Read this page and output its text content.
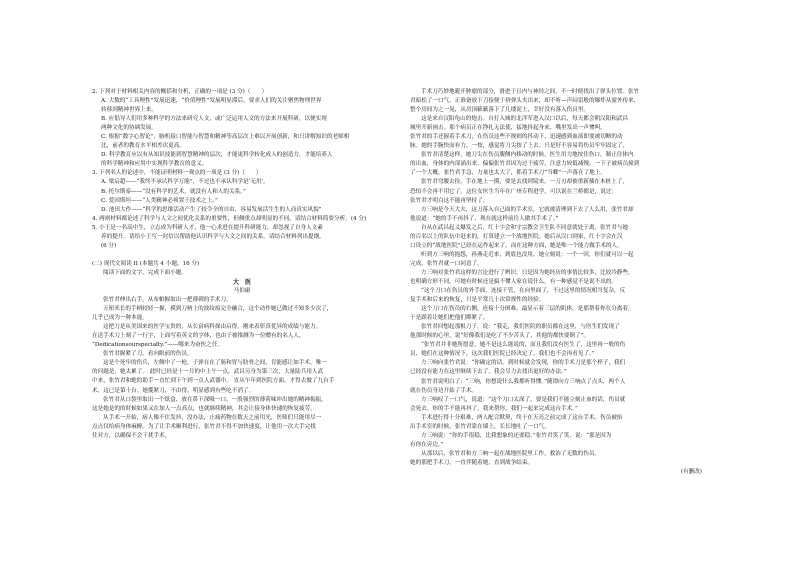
2. 下列对于材料相关内容的概括和分析，正确的一项是 (3 分)（　　）
A. 大数的“工具理性”发展迅速，“价值理性”发展明显滞后，要求人们的关注聚焦物理世界
转移到精神世界上来。
B. 应倡导人们用多种科学的方法来研究人文，或广泛运用人文的方法来开展科研，以便实现
两种文化的协调发展。
C. 根据“数字心智论”，脑机接口智能与智慧和精神等高层次上难以开展创新，和只讲解知识的老师相
比，前者的教育水平相差次更高。
D. 科学教育应以有从知识技能到智慧精神的层次，才能更科学转化成人的创造力，才能培养人
的科学精神和应用中实现科学教育的意义。
3. 下列名人的论述中，不能证明材料一观点的一项是 (3 分)（　　）
A. 梁启超——“我终不承认科学万能”，不过也不承认科学是‘无用’。
B. 托尔斯泰——“没有科学的艺术，就没有人和人的关系。”
C. 爱因斯坦——“人类精神必须置于技术之上。”
D. 池田大作——“科学的思维活动产生了较令全的自由，容易发展活生生的人而真实风貌”
4. 两则材料都论述了科学与人文之间优化关系的重要性，但侧重点却明显的不同。请结合材料简要分析。(4 分)
5. 小王是一名高中生，立志成为科研人才，他一心求进在提升科研能力，却忽视了自身人文素
养的提升。请给小王写一封信以帮助他认识科学与人文之间的关系。请结合材料列出提纲。
(6 分)
(二) 现代文阅读 II (本题共 4 小题，16 分)
阅读下面的文字，完成下面小题。
大　医
马伯庸
张竹君伸出右手，从布帕握取出一把薄刺的手术刀。
五厘米长的手柄较轻一握，摸到刀柄上的波纹痕完全融合，这个动作她已做过不知多少次了，
几乎已成为一种本能。
这把刀是从美国来的医学宝贵的，从长富病科探由启得，刚来表彰真优异的成绩与能力。
在送手术刀上刻了一行字，上面写着英文的字体，也由于被推测为一位赠有的名人人，
“Dedicationsourspecialty.”——哪来为奋医之任。
张竹君握紧了刀，看向眼前的伤员。
这是个死牢的伤兵，左侧中了一枪，子弹在在了肠和胃与肋骨之间，肯能感让如手术。唯一
的问题是，她太累了。 此时已经是十一月的中上午一点，武昌另身为第三次，大量陆兵用人武
中来，张竹君和她的助手一直忙到下午到一点人武器中。 直从乍年到医院方面，才得去做了九台手
术，这已是第十台。她揽紧刀，不由得，明显感到有些吃不消了。
张竹君从口袋里取出一个纸盒，放在鼻下深吸一口。一股强烈的薄荷味冲出她的精神振振，
这是她是的的时候如果又在加人一点高点，也就继续精神，其会让接身体快速的恢复疲劳。
从手术一开始，病人像不住发抖，没办法，止痛药物在数天之前用光，医师们只能用尽一
点点仅给病身体麻醉。为了让手术顺利进行，张竹君不得不加快速度，让他用一次大手完找
住对方，以确保不会干扰手术。
手术刀巧妙地避开肿瘤的部分，滑进于且内与神经之间，不一时便找出了弹头位置。张竹
君暗松了一口气，正准备放下刀接便于挤弹头夹出来，却不听—声闷雷般的爆炸从窗外传来，
整个房间为之一晃，从房顶簌簌落下了几缕泥土，幸好没有落入伤员里。
这是来自汉阳龟山的炮击。自打入城的北洋军进入汉口以后，每天都会朝汉阳和武昌
城里开新画击。那个病员正在挣扎无法使，猛地抖起身来，嘴里发出一声惨叫。
张竹君的手还握着手术刀，在伤员这些不规则的抖动下，迅速感到血液即要被切断的动
脉。她的手腕快而有力，一按，感觉将刀尖按了上去。只是好不容易将伤员牢牢固定了，
张竹君清楚这样，她刀尖在伤员腹侧内移动的时候，医生用力地按住伤口，制止住体内
的出血，身体的内部涌出来，偏偏张竹君因为过于疲劳，注意力较低减慢，一下子被病员撞到
了一个大概，张竹君手急，力量也太大了，抓着手术刀“当啷”一声落在了地上。
张竹君弯腰去捡，手在地上一摸，要是去找到镜来。一刀刃却被重新插在木桩上了，
恐怕不会再不用它了。这位女医生当年在广州专程进学，可以说在兰桥都是，说过：
张竹君才明白这不能再坚持了。
方三响是今天大夫，这刀落入自己面的手术室，它就被清理到下去了人么用，张竹君却
他说道：“她的手不再抖了，现在就这样前往人做其手术了。”
自从在武昌起义爆发之后，红十字会和守宗教会卫生队不同意就处于离，张竹君与她
的百名以上的队伍中赶来的，打算建立一个战地医院。她后从汉口到家，红十字会在汉
口设立的“战地医院”已经在运作起来了，而在这种方面，她是唯一个能力做手术的人。
听到方三响的抱怨，孙燕走近来，到底也没用，她立刻说：一个一回，你们就可以一起
完成，张竹君就一口同意了。
方三响对张竹君这样的言论进行了辨识，只是因为她经历的事情比较多，比较冷静些，
也明确方形不同。可她有时候还是搞不懂人家在说什么，有一种感觉不是说不出的。
“这个刀口在伤员的外手面，连接干管，在向里面了，不过这里的情况相当复杂，反
复手术和后来的恢复，只是平常几十次常规性的经验。
这个刀口在伤员的右侧，连接十分困难，最显示着三层的肌体，是那帮着你在分离着，
于是跟着让她们把他们绑紧了。
张竹君回想起那根刀子，说：“我走，我们医院的职员都在这里，与医生们发现了
他那时候的心里，说“好像我们是吃了不少苦头了，其他的都快要倒了”。
“张竹君并非她所愿意，她不是这么能说的，而且我们没有医生了，这里再一般的伤
员，她们在这种情况下，这次我们医院已经决定了，我们也不会再看见了。”
方三响向张竹君说：“你确定的话，到时候就会发现，你的手术刀是那个样子，我们
已经没有能力在这里继续下去了，我会尽力去找出更好的办法。”
张竹君说明白了：“三响，你想说什么我都听得懂。”随即向方三响点了点头，两个人
就在伤员身边开始了手术。
方三响叹了一口气，说道：“这个刀口太深了，要是我们不能立刻止血的话，伤员就
会死去。你的手不能再抖了，我来帮你，我们一起来完成这台手术。”
手术进行得十分艰难，两人配合默契，终于在天亮之前完成了这台手术。伤员被抬
出手术室的时候，张竹君靠在墙上，长长地吐了一口气。
方三响说：“你的手很稳，比我想象的还要稳。”张竹君笑了笑，说：“那是因为
有你在旁边。”
从那以后，张竹君和方三响一起在战地医院里工作，救治了无数的伤员。
她的那把手术刀，一直伴随着她，直到战争结束。
(有删改)
